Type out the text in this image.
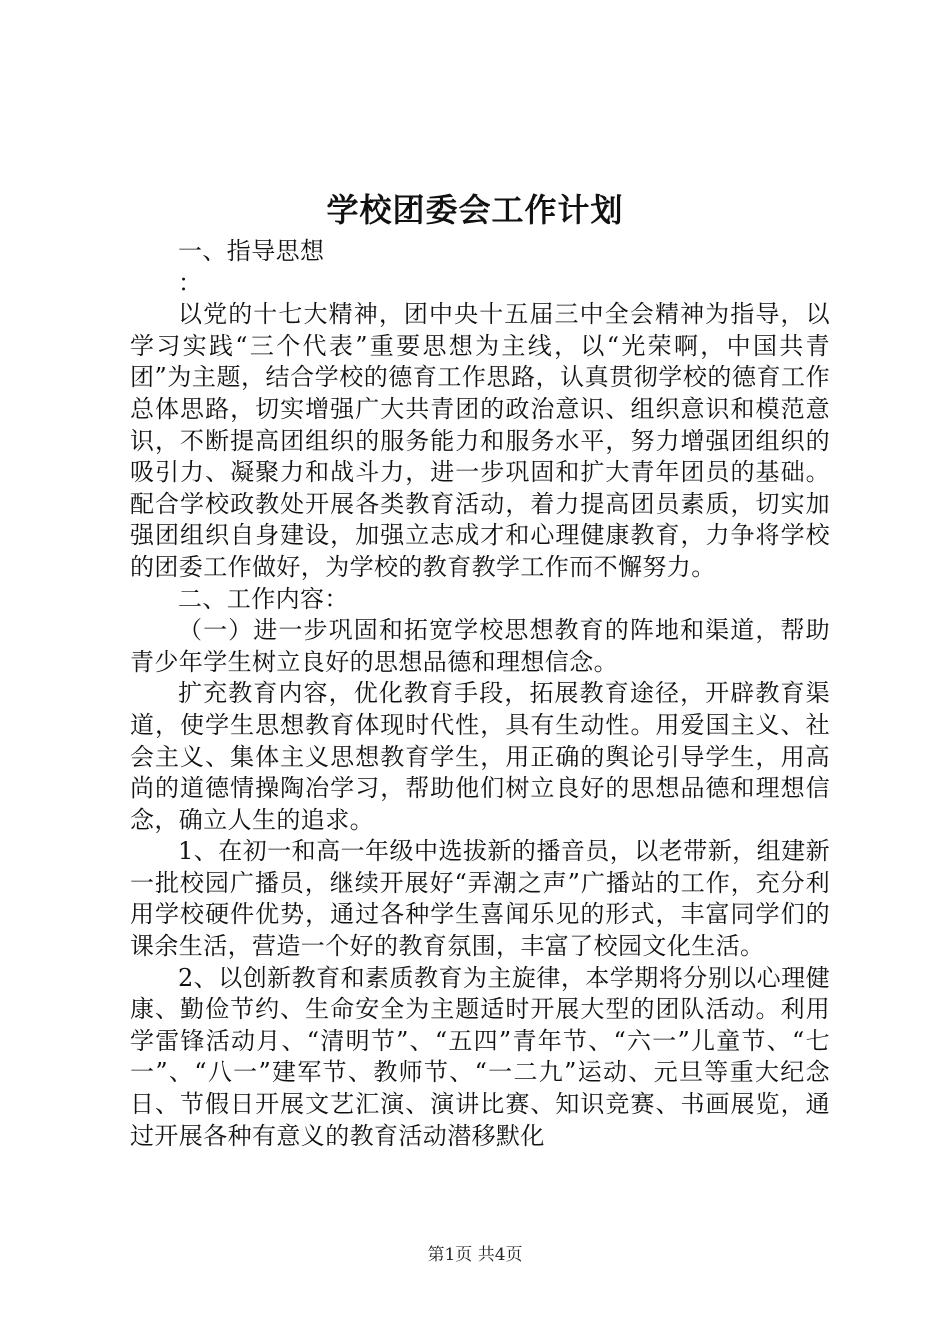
学校团委会工作计划

一、指导思想

：

以党的十七大精神，团中央十五届三中全会精神为指导，以学习实践“三个代表”重要思想为主线，以“光荣啊，中国共青团”为主题，结合学校的德育工作思路，认真贯彻学校的德育工作总体思路，切实增强广大共青团的政治意识、组织意识和模范意识，不断提高团组织的服务能力和服务水平，努力增强团组织的吸引力、凝聚力和战斗力，进一步巩固和扩大青年团员的基础。配合学校政教处开展各类教育活动，着力提高团员素质，切实加强团组织自身建设，加强立志成才和心理健康教育，力争将学校的团委工作做好，为学校的教育教学工作而不懈努力。

二、工作内容：

（一）进一步巩固和拓宽学校思想教育的阵地和渠道，帮助青少年学生树立良好的思想品德和理想信念。

扩充教育内容，优化教育手段，拓展教育途径，开辟教育渠道，使学生思想教育体现时代性，具有生动性。用爱国主义、社会主义、集体主义思想教育学生，用正确的舆论引导学生，用高尚的道德情操陶冶学习，帮助他们树立良好的思想品德和理想信念，确立人生的追求。

1、在初一和高一年级中选拔新的播音员，以老带新，组建新一批校园广播员，继续开展好“弄潮之声”广播站的工作，充分利用学校硬件优势，通过各种学生喜闻乐见的形式，丰富同学们的课余生活，营造一个好的教育氛围，丰富了校园文化生活。

2、以创新教育和素质教育为主旋律，本学期将分别以心理健康、勤俭节约、生命安全为主题适时开展大型的团队活动。利用学雷锋活动月、“清明节”、“五四”青年节、“六一”儿童节、“七一”、“八一”建军节、教师节、“一二九”运动、元旦等重大纪念日、节假日开展文艺汇演、演讲比赛、知识竞赛、书画展览，通过开展各种有意义的教育活动潜移默化

第1页 共4页
